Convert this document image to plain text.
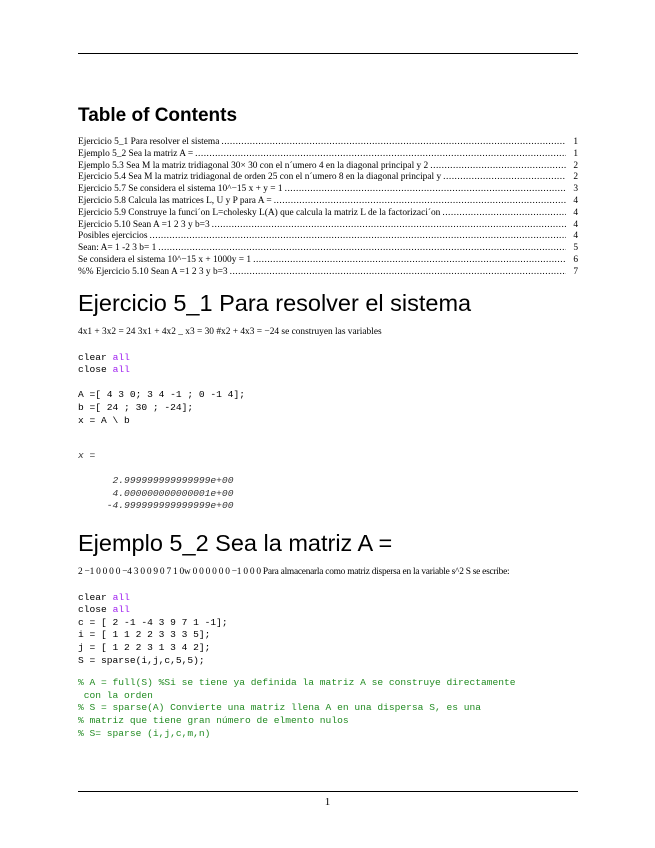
Table of Contents
Ejercicio 5_1 Para resolver el sistema .....	1
Ejemplo 5_2 Sea la matriz A = .....	1
Ejemplo 5.3 Sea M la matriz tridiagonal 30× 30 con el n´umero 4 en la diagonal principal y 2 .....	2
Ejercicio 5.4 Sea M la matriz tridiagonal de orden 25 con el n´umero 8 en la diagonal principal y .....	2
Ejercicio 5.7 Se considera el sistema 10^−15 x + y = 1 .....	3
Ejercicio 5.8 Calcula las matrices L, U y P para A = .....	4
Ejercicio 5.9 Construye la funci´on L=cholesky L(A) que calcula la matriz L de la factorizaci´on .....	4
Ejercicio 5.10 Sean A =1 2 3 y b=3 .....	4
Posibles ejercicios .....	4
Sean: A= 1 -2 3 b= 1 .....	5
Se considera el sistema 10^−15 x + 1000y = 1 .....	6
%% Ejercicio 5.10 Sean A =1 2 3 y b=3 .....	7
Ejercicio 5_1 Para resolver el sistema

4x1 + 3x2 = 24 3x1 + 4x2 _ x3 = 30 #x2 + 4x3 = −24 se construyen las variables

clear all
close all

A =[ 4 3 0; 3 4 -1 ; 0 -1 4];
b =[ 24 ; 30 ; -24];
x = A \ b

x =

2.999999999999999e+00
4.000000000000001e+00
-4.999999999999999e+00
Ejemplo 5_2 Sea la matriz A =

2 −1 0 0 0 0 −4 3 0 0 9 0 7 1 0w 0 0 0 0 0 0 −1 0 0 0 Para almacenarla como matriz dispersa en la variable s^2 S se escribe:

clear all
close all
c = [ 2 -1 -4 3 9 7 1 -1];
i = [ 1 1 2 2 3 3 3 5];
j = [ 1 2 2 3 1 3 4 2];
S = sparse(i,j,c,5,5);

% A = full(S) %Si se tiene ya definida la matriz A se construye directamente
con la orden
% S = sparse(A) Convierte una matriz llena A en una dispersa S, es una
% matriz que tiene gran número de elmento nulos
% S= sparse (i,j,c,m,n)
1
